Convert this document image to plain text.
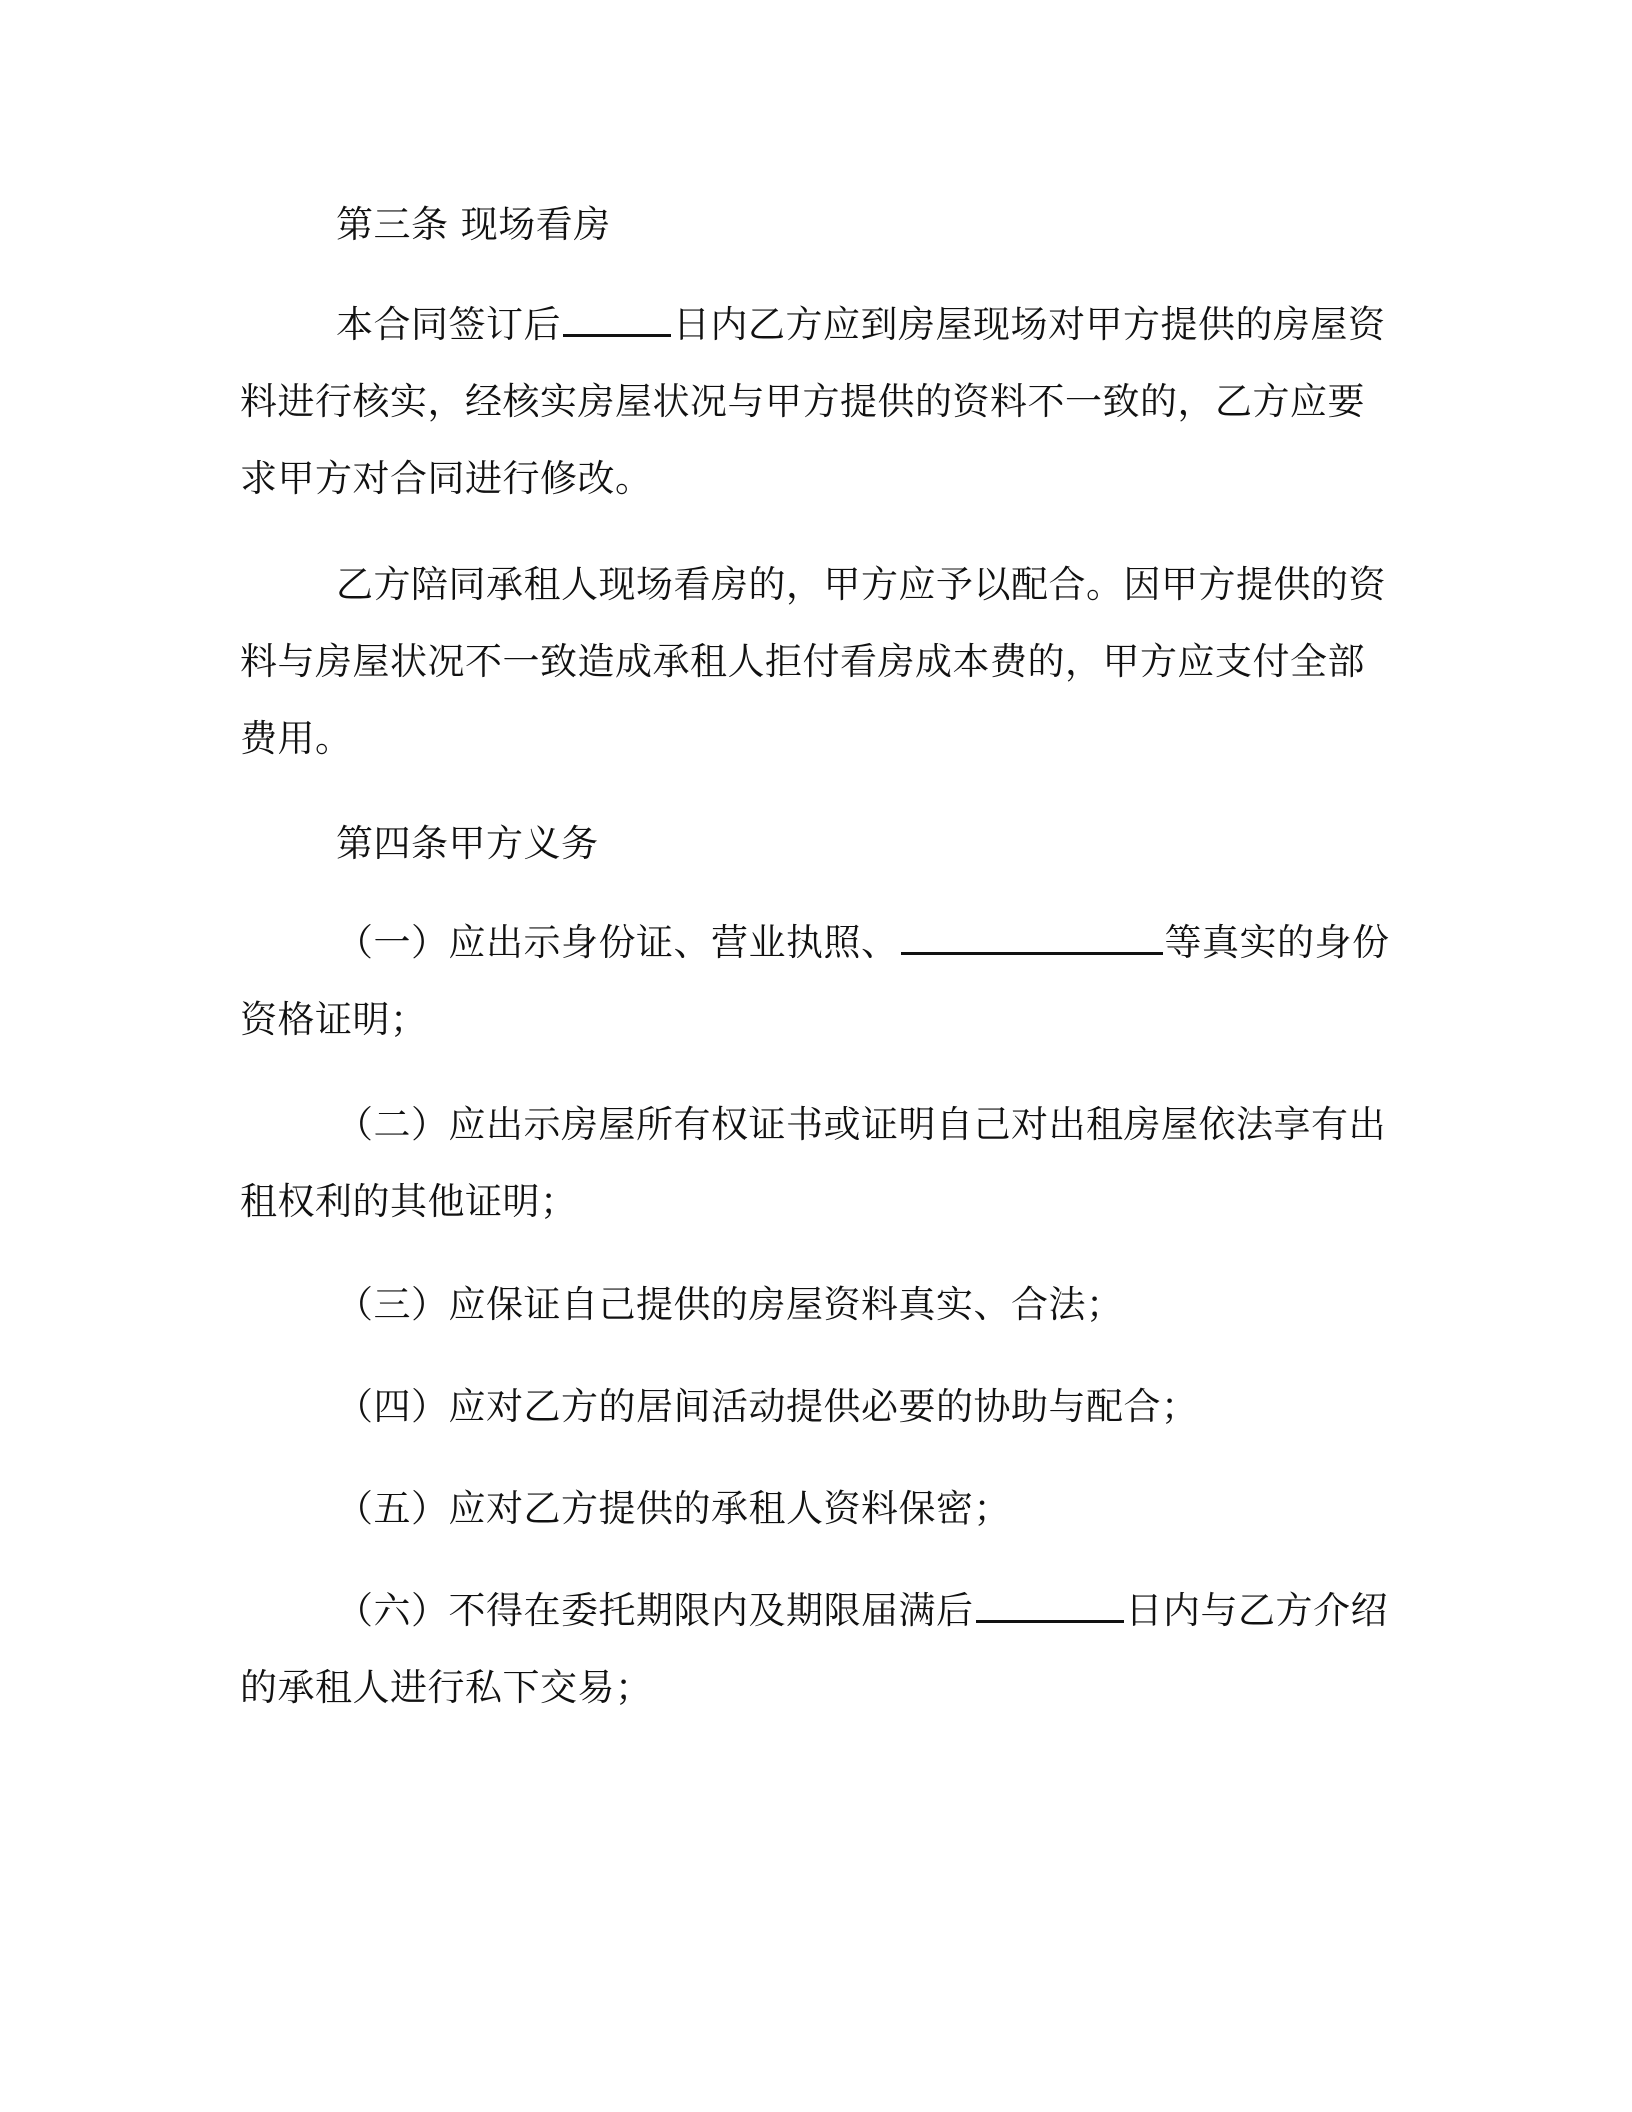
第三条 现场看房

本合同签订后	日内乙方应到房屋现场对甲方提供的房屋资
料进行核实，经核实房屋状况与甲方提供的资料不一致的，乙方应要
求甲方对合同进行修改。

乙方陪同承租人现场看房的，甲方应予以配合。因甲方提供的资
料与房屋状况不一致造成承租人拒付看房成本费的，甲方应支付全部
费用。

第四条甲方义务

（一）应出示身份证、营业执照、	等真实的身份
资格证明；

（二）应出示房屋所有权证书或证明自己对出租房屋依法享有出
租权利的其他证明；

（三）应保证自己提供的房屋资料真实、合法；

（四）应对乙方的居间活动提供必要的协助与配合；

（五）应对乙方提供的承租人资料保密；

（六）不得在委托期限内及期限届满后	日内与乙方介绍
的承租人进行私下交易；
